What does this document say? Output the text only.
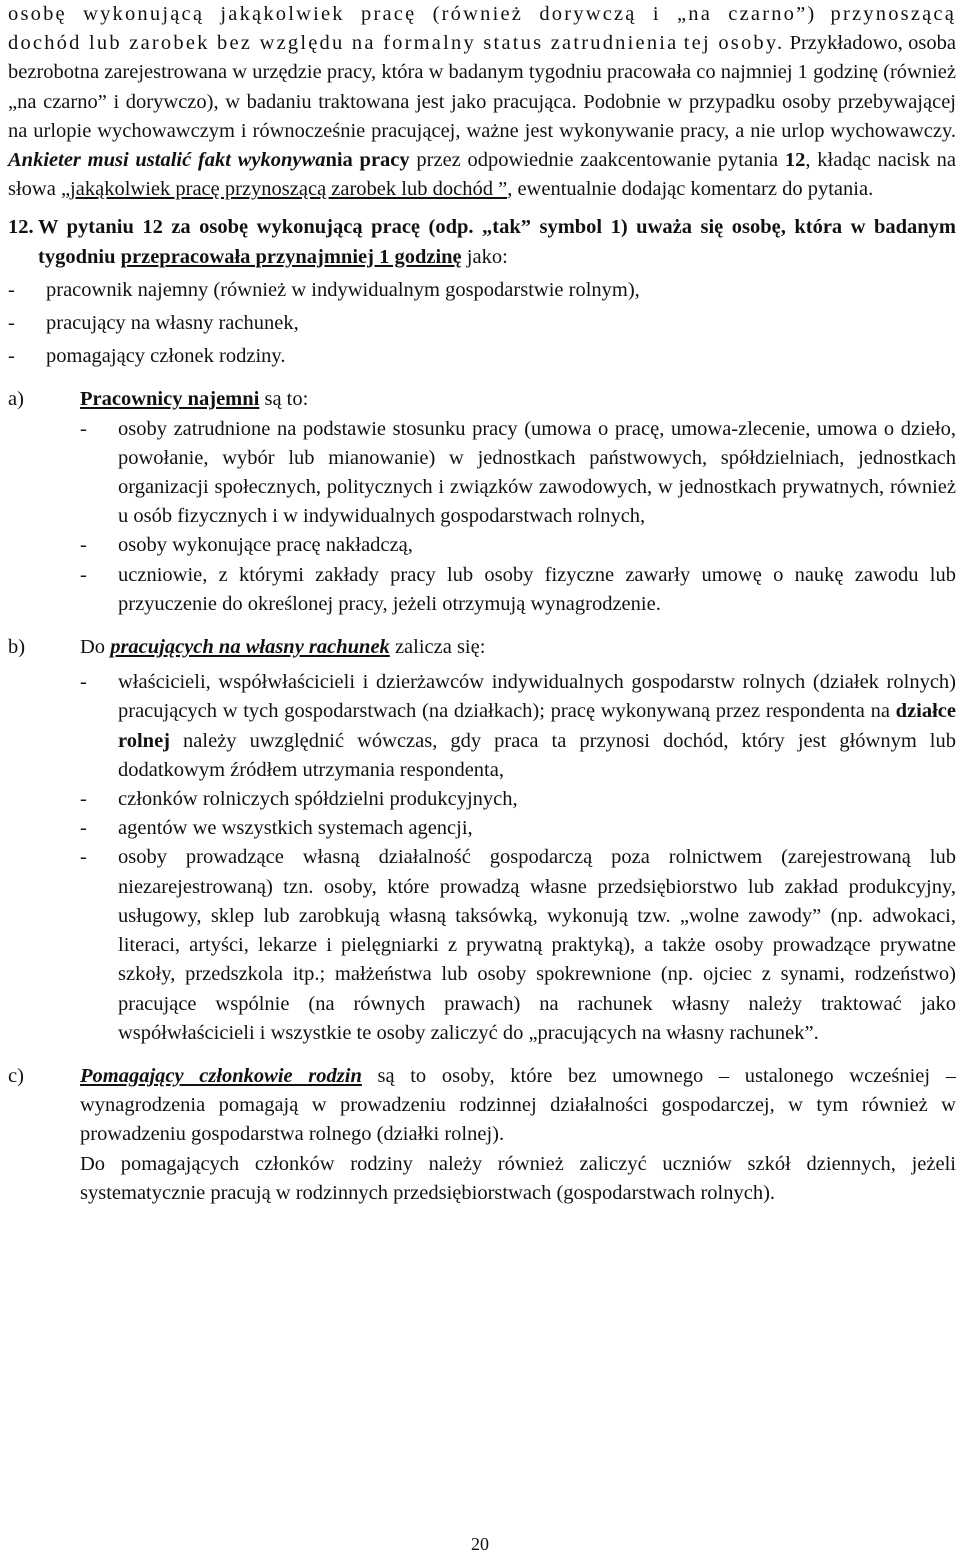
osobę wykonującą jakąkolwiek pracę (również dorywczą i „na czarno”) przynoszącą dochód lub zarobek bez względu na formalny status zatrudnienia tej osoby. Przykładowo, osoba bezrobotna zarejestrowana w urzędzie pracy, która w badanym tygodniu pracowała co najmniej 1 godzinę (również „na czarno” i dorywczo), w badaniu traktowana jest jako pracująca. Podobnie w przypadku osoby przebywającej na urlopie wychowawczym i równocześnie pracującej, ważne jest wykonywanie pracy, a nie urlop wychowawczy. Ankieter musi ustalić fakt wykonywania pracy przez odpowiednie zaakcentowanie pytania 12, kładąc nacisk na słowa „jakąkolwiek pracę przynoszącą zarobek lub dochód ”, ewentualnie dodając komentarz do pytania.

12. W pytaniu 12 za osobę wykonującą pracę (odp. „tak” symbol 1) uważa się osobę, która w badanym tygodniu przepracowała przynajmniej 1 godzinę jako:

-	pracownik najemny (również w indywidualnym gospodarstwie rolnym),

-	pracujący na własny rachunek,

-	pomagający członek rodziny.

a)	Pracownicy najemni są to:

-	osoby zatrudnione na podstawie stosunku pracy (umowa o pracę, umowa-zlecenie, umowa o dzieło, powołanie, wybór lub mianowanie) w jednostkach państwowych, spółdzielniach, jednostkach organizacji społecznych, politycznych i związków zawodowych, w jednostkach prywatnych, również u osób fizycznych i w indywidualnych gospodarstwach rolnych,

-	osoby wykonujące pracę nakładczą,

-	uczniowie, z którymi zakłady pracy lub osoby fizyczne zawarły umowę o naukę zawodu lub przyuczenie do określonej pracy, jeżeli otrzymują wynagrodzenie.

b)	Do pracujących na własny rachunek zalicza się:

-	właścicieli, współwłaścicieli i dzierżawców indywidualnych gospodarstw rolnych (działek rolnych) pracujących w tych gospodarstwach (na działkach); pracę wykonywaną przez respondenta na działce rolnej należy uwzględnić wówczas, gdy praca ta przynosi dochód, który jest głównym lub dodatkowym źródłem utrzymania respondenta,

-	członków rolniczych spółdzielni produkcyjnych,

-	agentów we wszystkich systemach agencji,

-	osoby prowadzące własną działalność gospodarczą poza rolnictwem (zarejestrowaną lub niezarejestrowaną) tzn. osoby, które prowadzą własne przedsiębiorstwo lub zakład produkcyjny, usługowy, sklep lub zarobkują własną taksówką, wykonują tzw. „wolne zawody” (np. adwokaci, literaci, artyści, lekarze i pielęgniarki z prywatną praktyką), a także osoby prowadzące prywatne szkoły, przedszkola itp.; małżeństwa lub osoby spokrewnione (np. ojciec z synami, rodzeństwo) pracujące wspólnie (na równych prawach) na rachunek własny należy traktować jako współwłaścicieli i wszystkie te osoby zaliczyć do „pracujących na własny rachunek”.

c)	Pomagający członkowie rodzin są to osoby, które bez umownego – ustalonego wcześniej – wynagrodzenia pomagają w prowadzeniu rodzinnej działalności gospodarczej, w tym również w prowadzeniu gospodarstwa rolnego (działki rolnej).

Do pomagających członków rodziny należy również zaliczyć uczniów szkół dziennych, jeżeli systematycznie pracują w rodzinnych przedsiębiorstwach (gospodarstwach rolnych).

20
